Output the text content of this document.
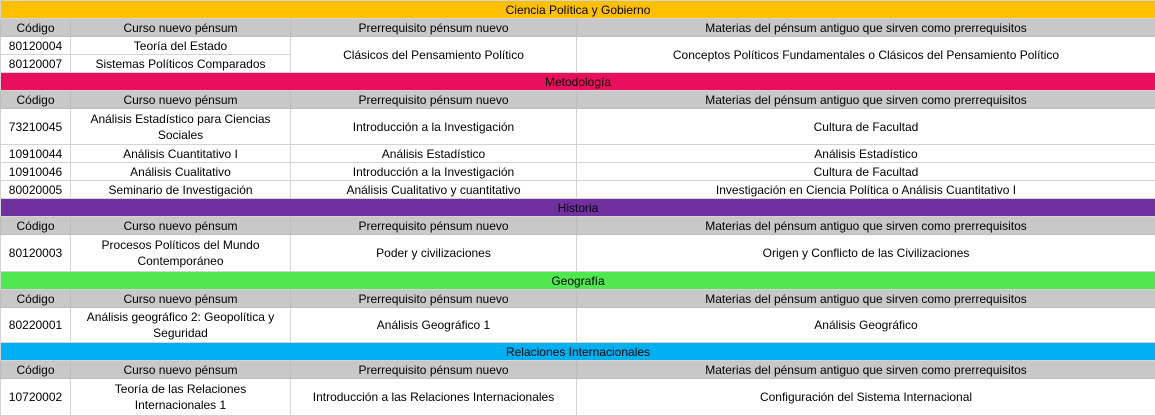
Ciencia Política y Gobierno			
Código	Curso nuevo pénsum	Prerrequisito pénsum nuevo	Materias del pénsum antiguo que sirven como prerrequisitos
80120004	Teoría del Estado	Clásicos del Pensamiento Político	Conceptos Políticos Fundamentales o Clásicos del Pensamiento Político
80120007	Sistemas Políticos Comparados		
Metodología			
Código	Curso nuevo pénsum	Prerrequisito pénsum nuevo	Materias del pénsum antiguo que sirven como prerrequisitos
73210045	Análisis Estadístico para Ciencias Sociales	Introducción a la Investigación	Cultura de Facultad
10910044	Análisis Cuantitativo I	Análisis Estadístico	Análisis Estadístico
10910046	Análisis Cualitativo	Introducción a la Investigación	Cultura de Facultad
80020005	Seminario de Investigación	Análisis Cualitativo y cuantitativo	Investigación en Ciencia Política o Análisis Cuantitativo I
Historia			
Código	Curso nuevo pénsum	Prerrequisito pénsum nuevo	Materias del pénsum antiguo que sirven como prerrequisitos
80120003	Procesos Políticos del Mundo Contemporáneo	Poder y civilizaciones	Origen y Conflicto de las Civilizaciones
Geografía			
Código	Curso nuevo pénsum	Prerrequisito pénsum nuevo	Materias del pénsum antiguo que sirven como prerrequisitos
80220001	Análisis geográfico 2: Geopolítica y Seguridad	Análisis Geográfico 1	Análisis Geográfico
Relaciones Internacionales			
Código	Curso nuevo pénsum	Prerrequisito pénsum nuevo	Materias del pénsum antiguo que sirven como prerrequisitos
10720002	Teoría de las Relaciones Internacionales 1	Introducción a las Relaciones Internacionales	Configuración del Sistema Internacional
